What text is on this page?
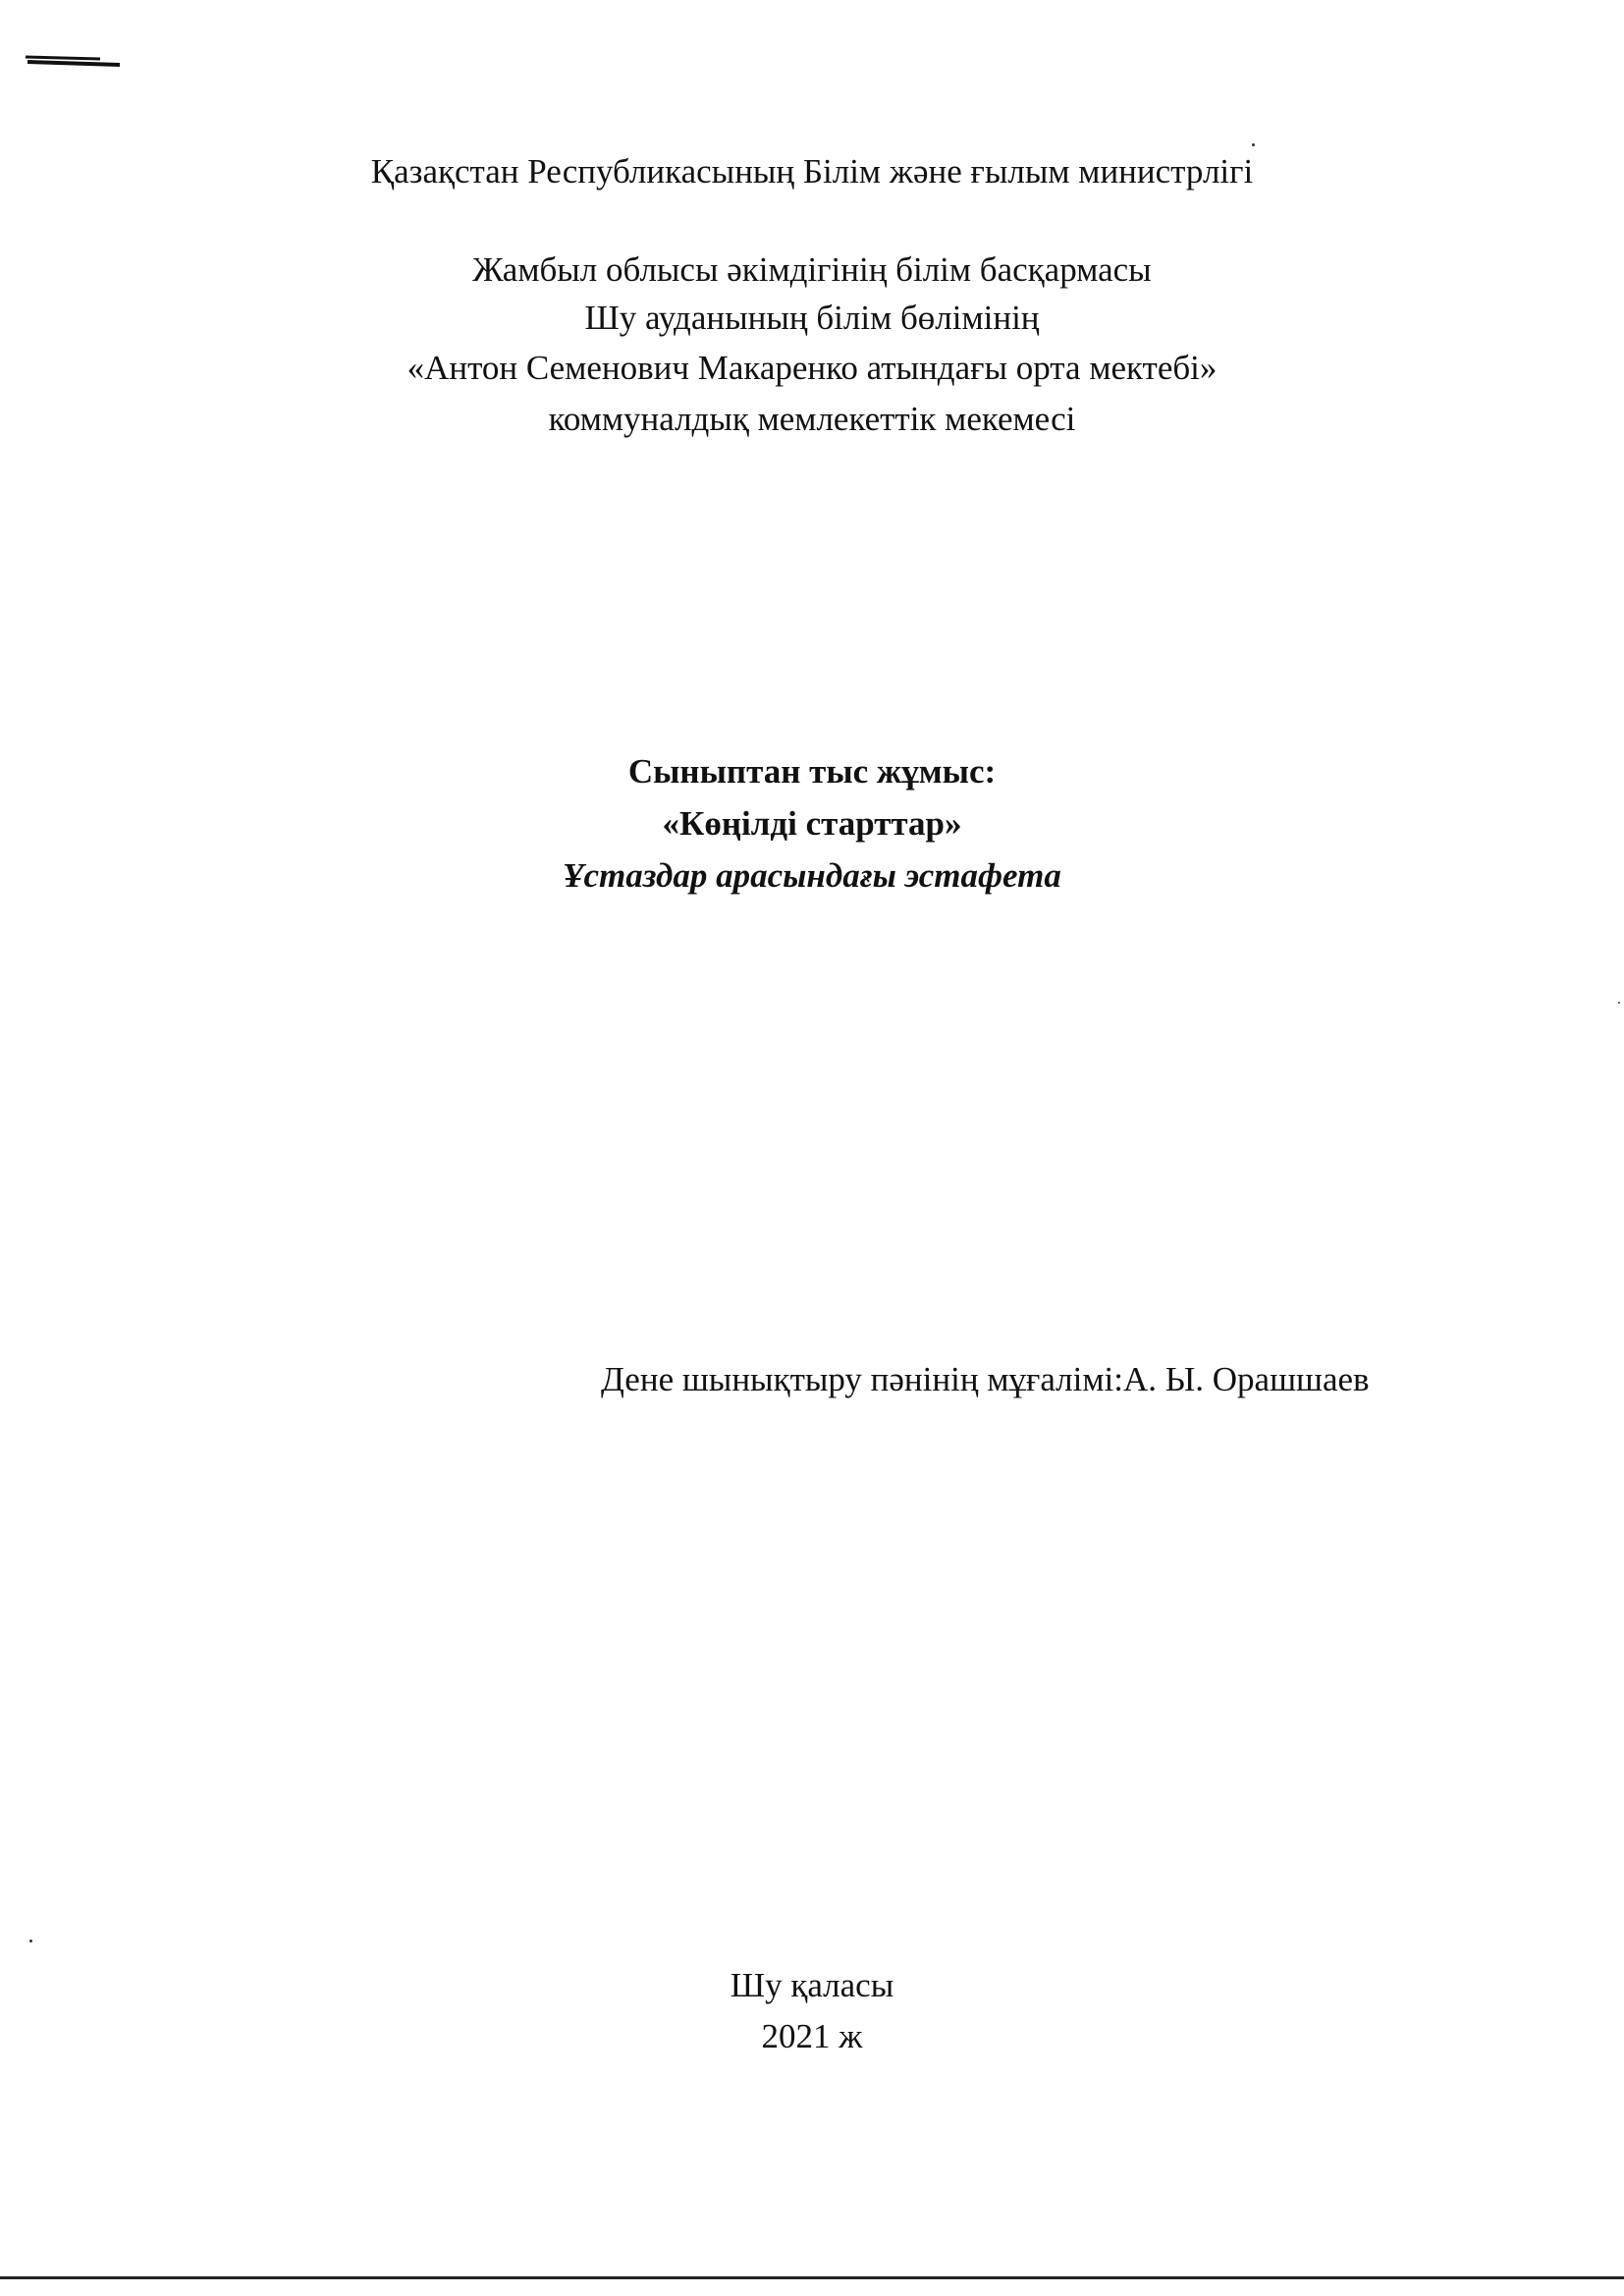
Қазақстан Республикасының Білім және ғылым министрлігі
Жамбыл облысы әкімдігінің білім басқармасы
Шу ауданының білім бөлімінің
«Антон Семенович Макаренко атындағы орта мектебі»
коммуналдық мемлекеттік мекемесі
Сыныптан тыс жұмыс:
«Көңілді старттар»
Ұстаздар арасындағы эстафета
Дене шынықтыру пәнінің мұғалімі:А. Ы. Орашшаев
Шу қаласы
2021 ж
